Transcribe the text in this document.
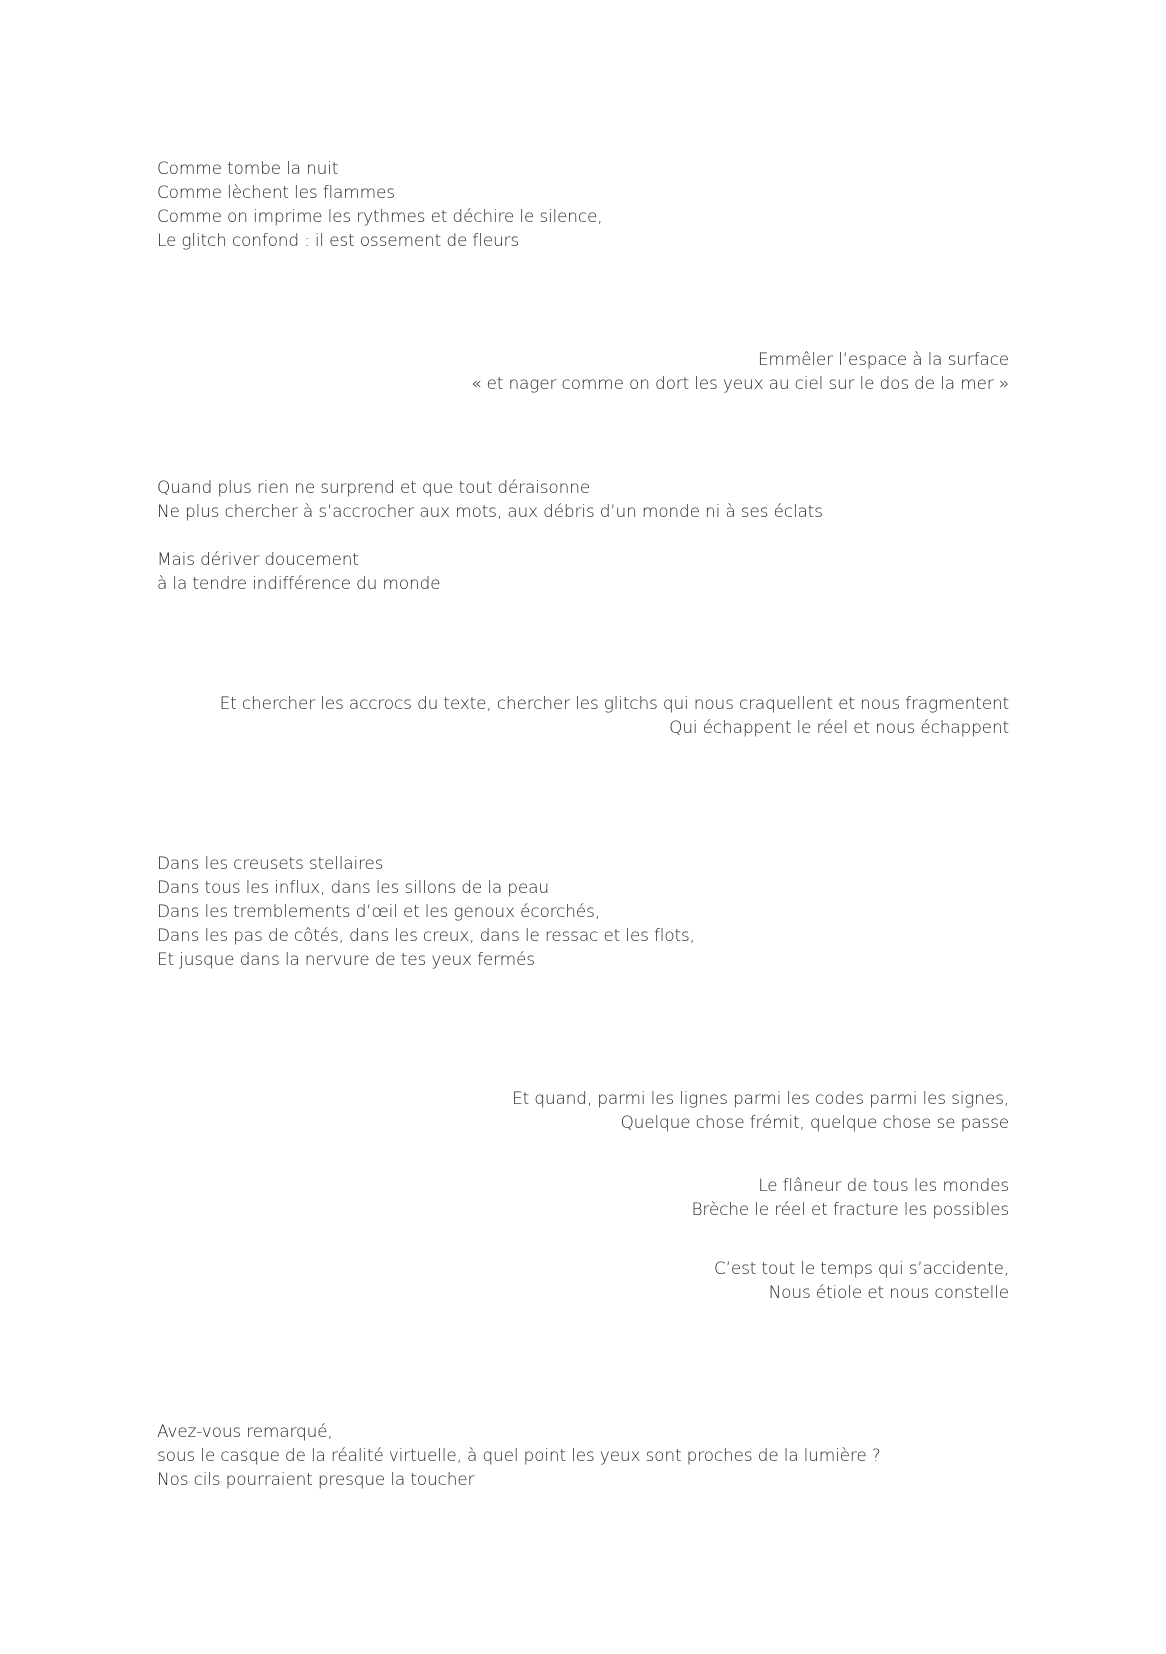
Comme tombe la nuit
Comme lèchent les flammes
Comme on imprime les rythmes et déchire le silence,
Le glitch confond : il est ossement de fleurs
Emmêler l’espace à la surface
« et nager comme on dort les yeux au ciel sur le dos de la mer »
Quand plus rien ne surprend et que tout déraisonne
Ne plus chercher à s’accrocher aux mots, aux débris d’un monde ni à ses éclats
Mais dériver doucement
à la tendre indifférence du monde
Et chercher les accrocs du texte, chercher les glitchs qui nous craquellent et nous fragmentent
Qui échappent le réel et nous échappent
Dans les creusets stellaires
Dans tous les influx, dans les sillons de la peau
Dans les tremblements d’œil et les genoux écorchés,
Dans les pas de côtés, dans les creux, dans le ressac et les flots,
Et jusque dans la nervure de tes yeux fermés
Et quand, parmi les lignes parmi les codes parmi les signes,
Quelque chose frémit, quelque chose se passe
Le flâneur de tous les mondes
Brèche le réel et fracture les possibles
C’est tout le temps qui s’accidente,
Nous étiole et nous constelle
Avez-vous remarqué,
sous le casque de la réalité virtuelle, à quel point les yeux sont proches de la lumière ?
Nos cils pourraient presque la toucher
